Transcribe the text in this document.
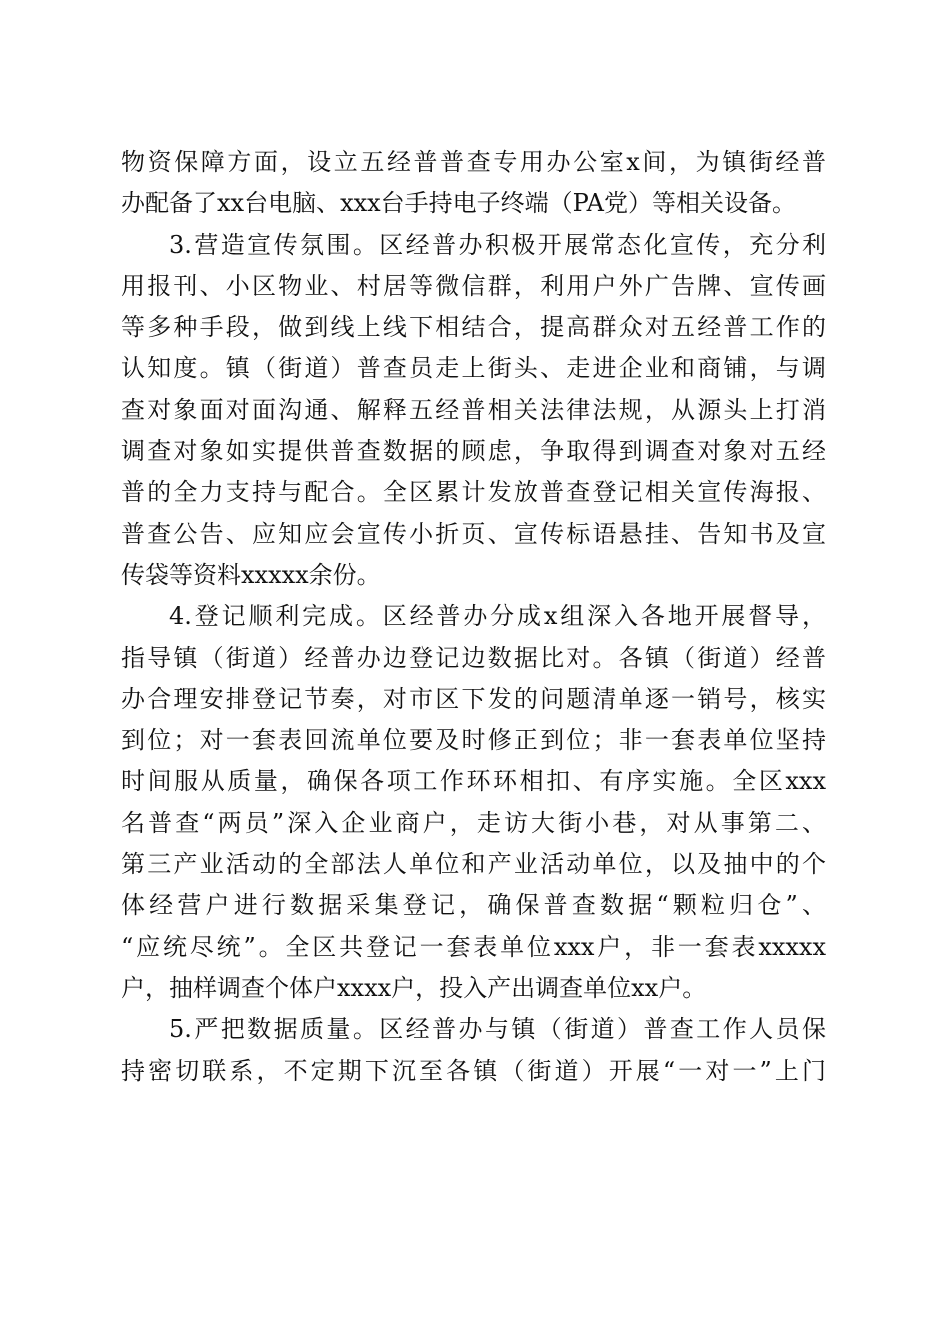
物资保障方面，设立五经普普查专用办公室x间，为镇街经普
办配备了xx台电脑、xxx台手持电子终端（PA党）等相关设备。
3.营造宣传氛围。区经普办积极开展常态化宣传，充分利
用报刊、小区物业、村居等微信群，利用户外广告牌、宣传画
等多种手段，做到线上线下相结合，提高群众对五经普工作的
认知度。镇（街道）普查员走上街头、走进企业和商铺，与调
查对象面对面沟通、解释五经普相关法律法规，从源头上打消
调查对象如实提供普查数据的顾虑，争取得到调查对象对五经
普的全力支持与配合。全区累计发放普查登记相关宣传海报、
普查公告、应知应会宣传小折页、宣传标语悬挂、告知书及宣
传袋等资料xxxxx余份。
4.登记顺利完成。区经普办分成x组深入各地开展督导，
指导镇（街道）经普办边登记边数据比对。各镇（街道）经普
办合理安排登记节奏，对市区下发的问题清单逐一销号，核实
到位；对一套表回流单位要及时修正到位；非一套表单位坚持
时间服从质量，确保各项工作环环相扣、有序实施。全区xxx
名普查“两员”深入企业商户，走访大街小巷，对从事第二、
第三产业活动的全部法人单位和产业活动单位，以及抽中的个
体经营户进行数据采集登记，确保普查数据“颗粒归仓”、
“应统尽统”。全区共登记一套表单位xxx户，非一套表xxxxx
户，抽样调查个体户xxxx户，投入产出调查单位xx户。
5.严把数据质量。区经普办与镇（街道）普查工作人员保
持密切联系，不定期下沉至各镇（街道）开展“一对一”上门
